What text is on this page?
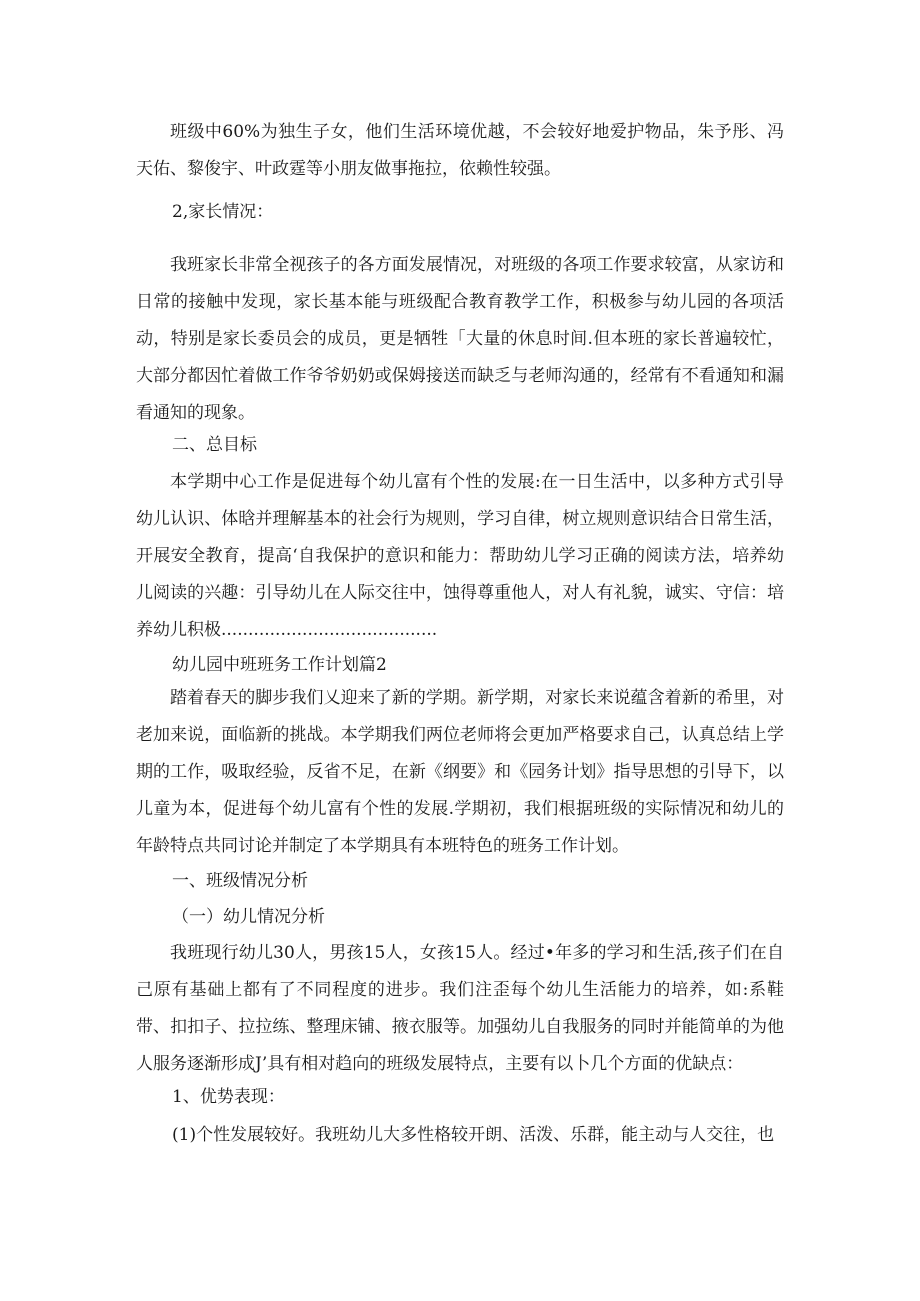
班级中60%为独生子女，他们生活环境优越，不会较好地爱护物品，朱予彤、冯天佑、黎俊宇、叶政霆等小朋友做事拖拉，依赖性较强。

2,家长情况：

我班家长非常全视孩子的各方面发展情况，对班级的各项工作要求较富，从家访和日常的接触中发现，家长基本能与班级配合教育教学工作，积极参与幼儿园的各项活动，特别是家长委员会的成员，更是牺牲「大量的休息时间.但本班的家长普遍较忙，大部分都因忙着做工作爷爷奶奶或保姆接送而缺乏与老师沟通的，经常有不看通知和漏看通知的现象。

二、总目标

本学期中心工作是促进每个幼儿富有个性的发展:在一日生活中，以多种方式引导幼儿认识、体晗并理解基本的社会行为规则，学习自律，树立规则意识结合日常生活，开展安全教育，提高‘自我保护的意识和能力：帮助幼儿学习正确的阅读方法，培养幼儿阅读的兴趣：引导幼儿在人际交往中，蚀得尊重他人，对人有礼貌，诚实、守信：培养幼儿积极........................................

幼儿园中班班务工作计划篇2

踏着春天的脚步我们乂迎来了新的学期。新学期，对家长来说蕴含着新的希里，对老加来说，面临新的挑战。本学期我们两位老师将会更加严格要求自己，认真总结上学期的工作，吸取经验，反省不足，在新《纲要》和《园务计划》指导思想的引导下，以儿童为本，促进每个幼儿富有个性的发展.学期初，我们根据班级的实际情况和幼儿的年龄特点共同讨论并制定了本学期具有本班特色的班务工作计划。

一、班级情况分析

（一）幼儿情况分析

我班现行幼儿30人，男孩15人，女孩15人。经过•年多的学习和生活,孩子们在自己原有基础上都有了不同程度的进步。我们注歪每个幼儿生活能力的培养，如:系鞋带、扣扣子、拉拉练、整理床铺、掖衣服等。加强幼儿自我服务的同时并能简单的为他人服务逐渐形成J’具有相对趋向的班级发展特点，主要有以卜几个方面的优缺点：

1、优势表现：

(1)个性发展较好。我班幼儿大多性格较开朗、活泼、乐群，能主动与人交往，也
